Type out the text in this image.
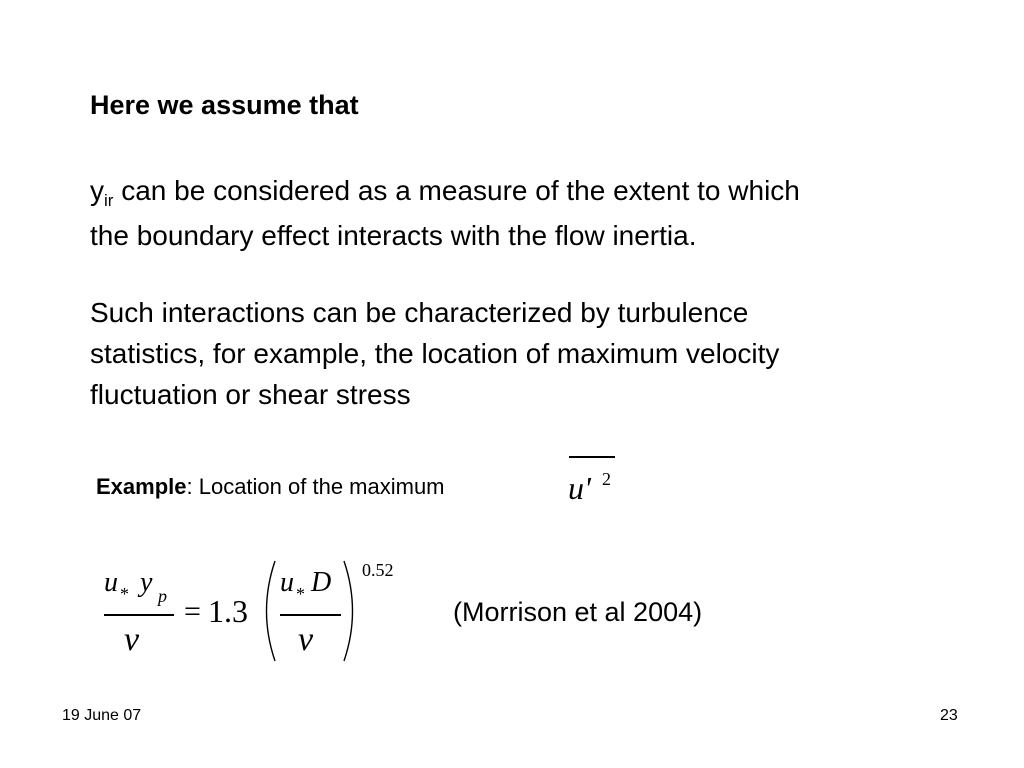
Here we assume that
$y_{ir}$ can be considered as a measure of the extent to which
the boundary effect interacts with the flow inertia.
Such interactions can be characterized by turbulence
statistics, for example, the location of maximum velocity
fluctuation or shear stress
Example: Location of the maximum	u' 2
u * y p
ν
= 1.3
u * D
ν
0.52
(Morrison et al 2004)
19 June 07	23
